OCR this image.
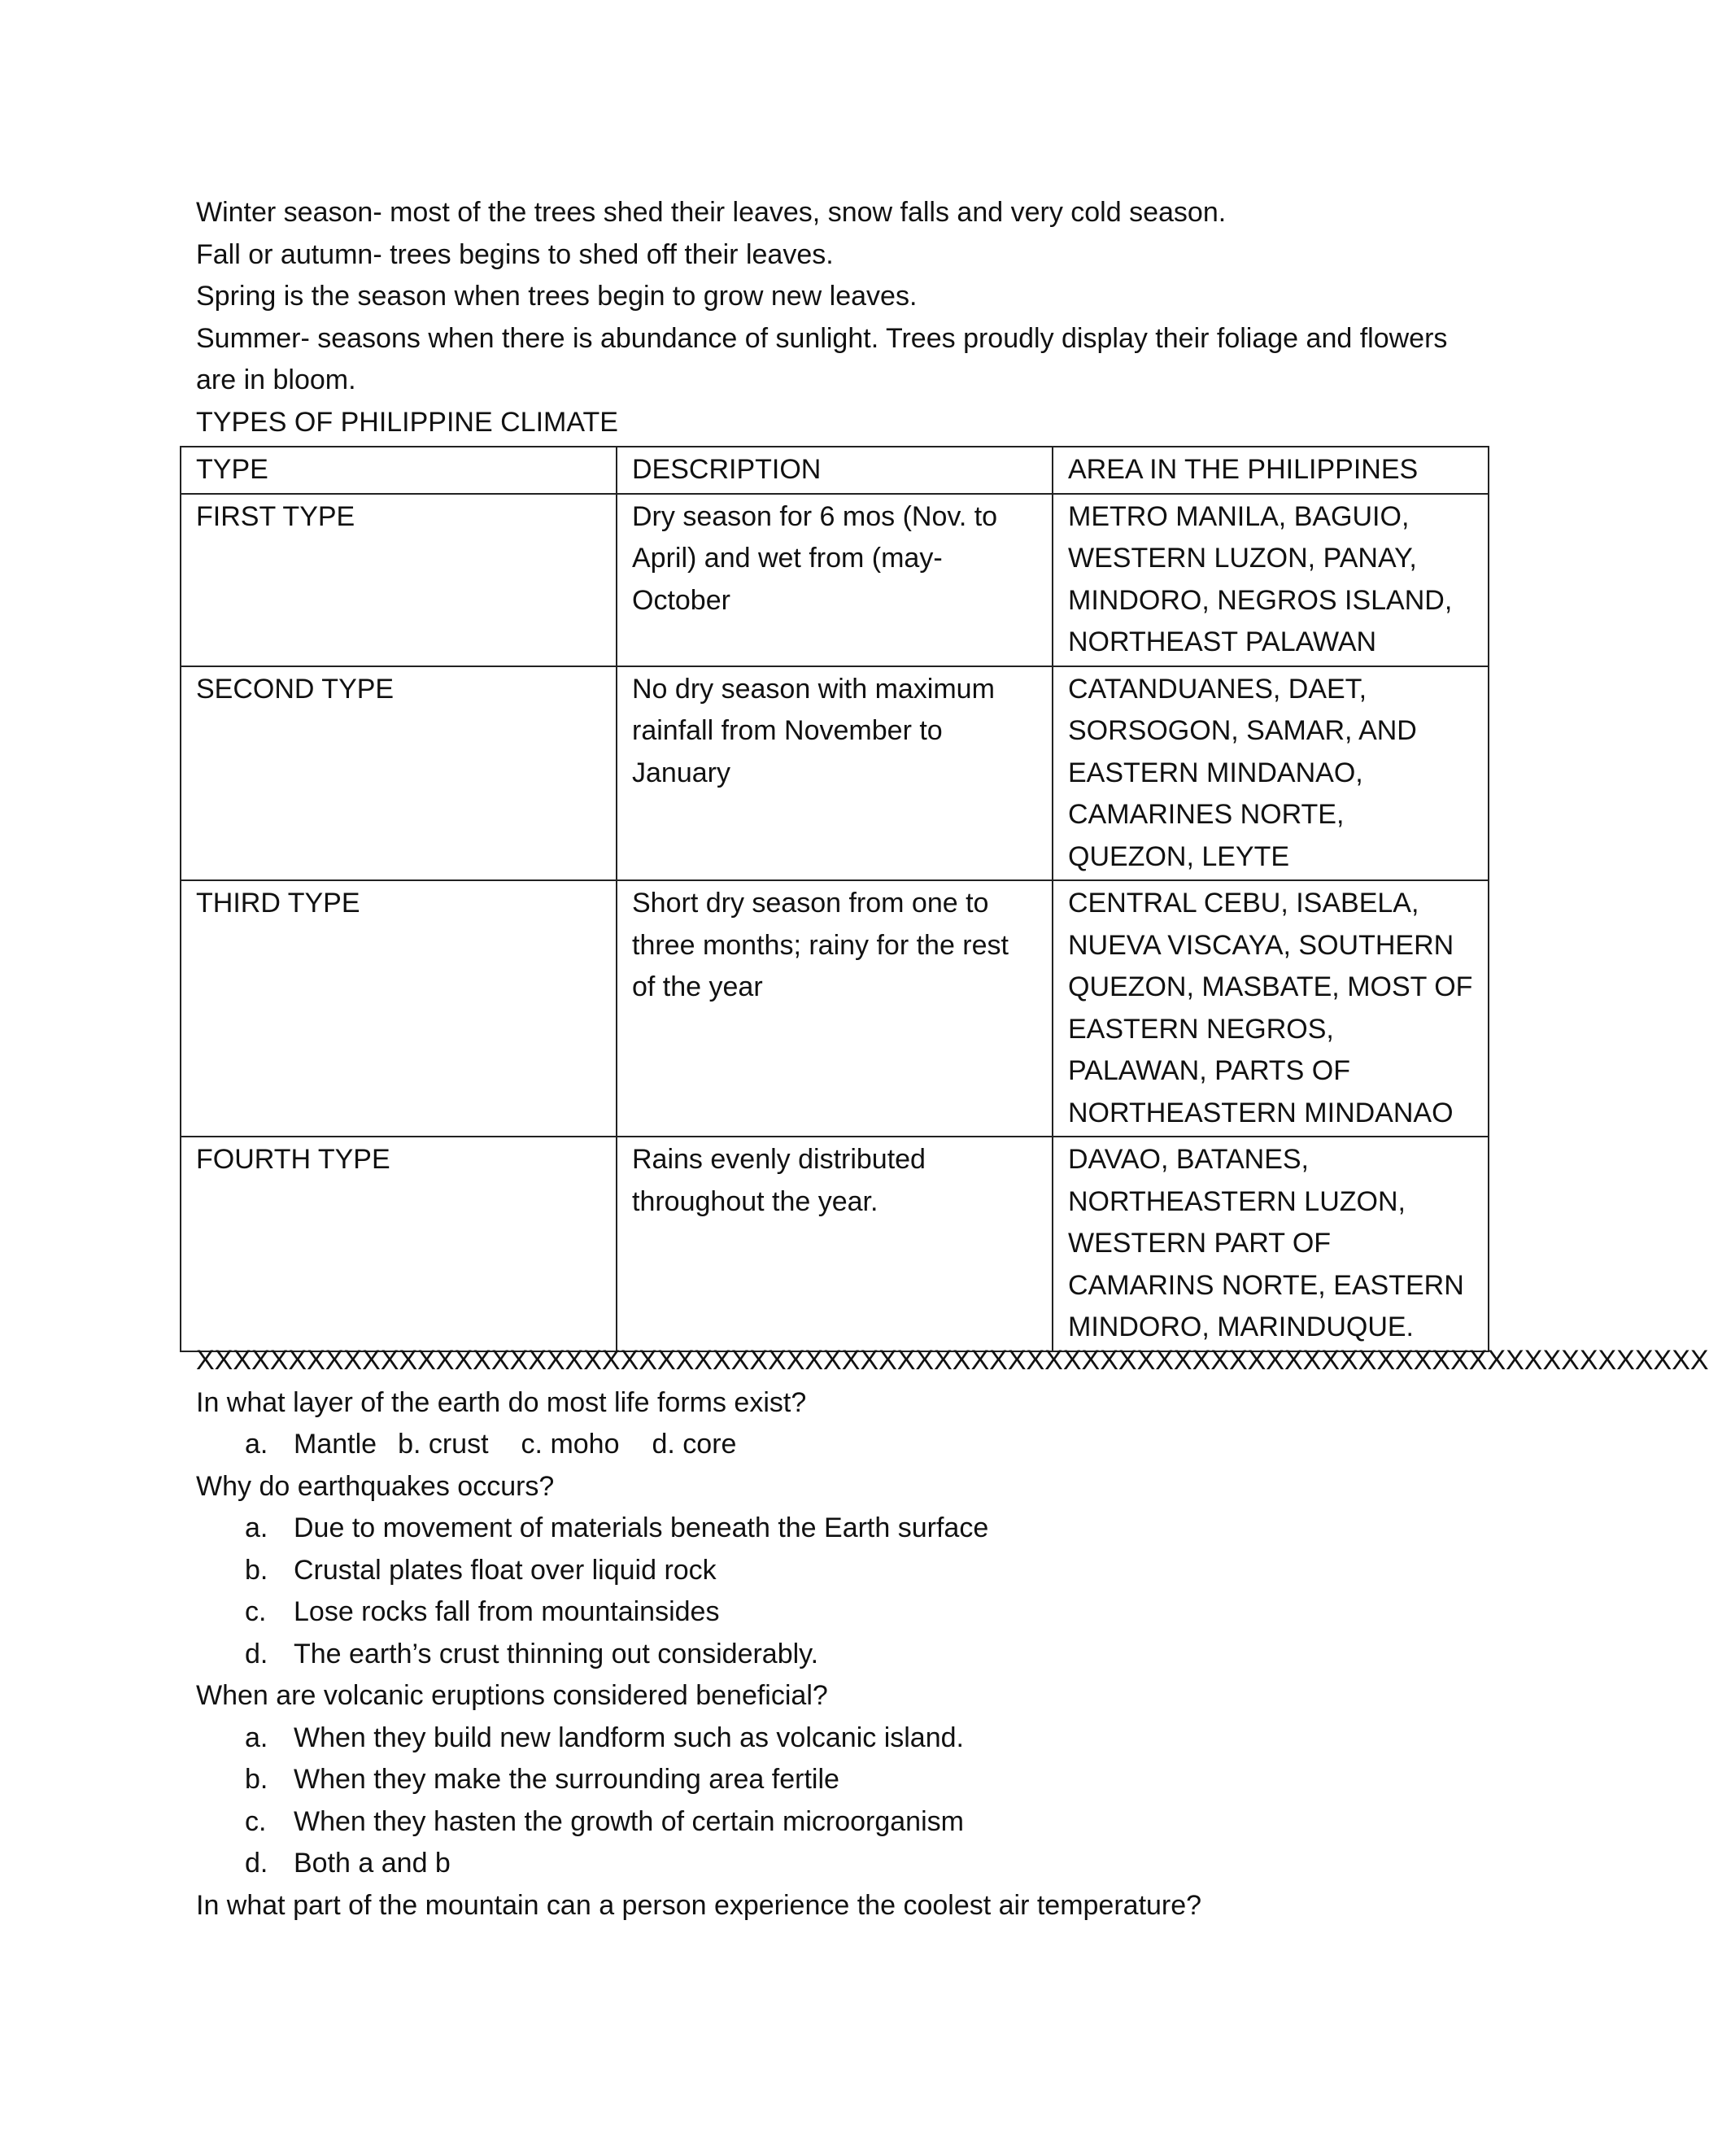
Winter season- most of the trees shed their leaves, snow falls and very cold season.
Fall or autumn- trees begins to shed off their leaves.
Spring is the season when trees begin to grow new leaves.
Summer- seasons when there is abundance of sunlight. Trees proudly display their foliage and flowers are in bloom.
TYPES OF PHILIPPINE CLIMATE
TYPE	DESCRIPTION	AREA IN THE PHILIPPINES
FIRST TYPE	Dry season for 6 mos (Nov. to April) and wet from (may-October	METRO MANILA, BAGUIO, WESTERN LUZON, PANAY, MINDORO, NEGROS ISLAND, NORTHEAST PALAWAN
SECOND TYPE	No dry season with maximum rainfall from November to January	CATANDUANES, DAET, SORSOGON, SAMAR, AND EASTERN MINDANAO, CAMARINES NORTE, QUEZON, LEYTE
THIRD TYPE	Short dry season from one to three months; rainy for the rest of the year	CENTRAL CEBU, ISABELA, NUEVA VISCAYA, SOUTHERN QUEZON, MASBATE, MOST OF EASTERN NEGROS, PALAWAN, PARTS OF NORTHEASTERN MINDANAO
FOURTH TYPE	Rains evenly distributed throughout the year.	DAVAO, BATANES, NORTHEASTERN LUZON, WESTERN PART OF CAMARINS NORTE, EASTERN MINDORO, MARINDUQUE.
XXXXXXXXXXXXXXXXXXXXXXXXXXXXXXXXXXXXXXXXXXXXXXXXXXXXXXXXXXXXXXXXXXXXXXXXXXXXXXXXXX
In what layer of the earth do most life forms exist?
a. Mantle b. crust c. moho d. core
Why do earthquakes occurs?
a. Due to movement of materials beneath the Earth surface
b. Crustal plates float over liquid rock
c. Lose rocks fall from mountainsides
d. The earth’s crust thinning out considerably.
When are volcanic eruptions considered beneficial?
a. When they build new landform such as volcanic island.
b. When they make the surrounding area fertile
c. When they hasten the growth of certain microorganism
d. Both a and b
In what part of the mountain can a person experience the coolest air temperature?
